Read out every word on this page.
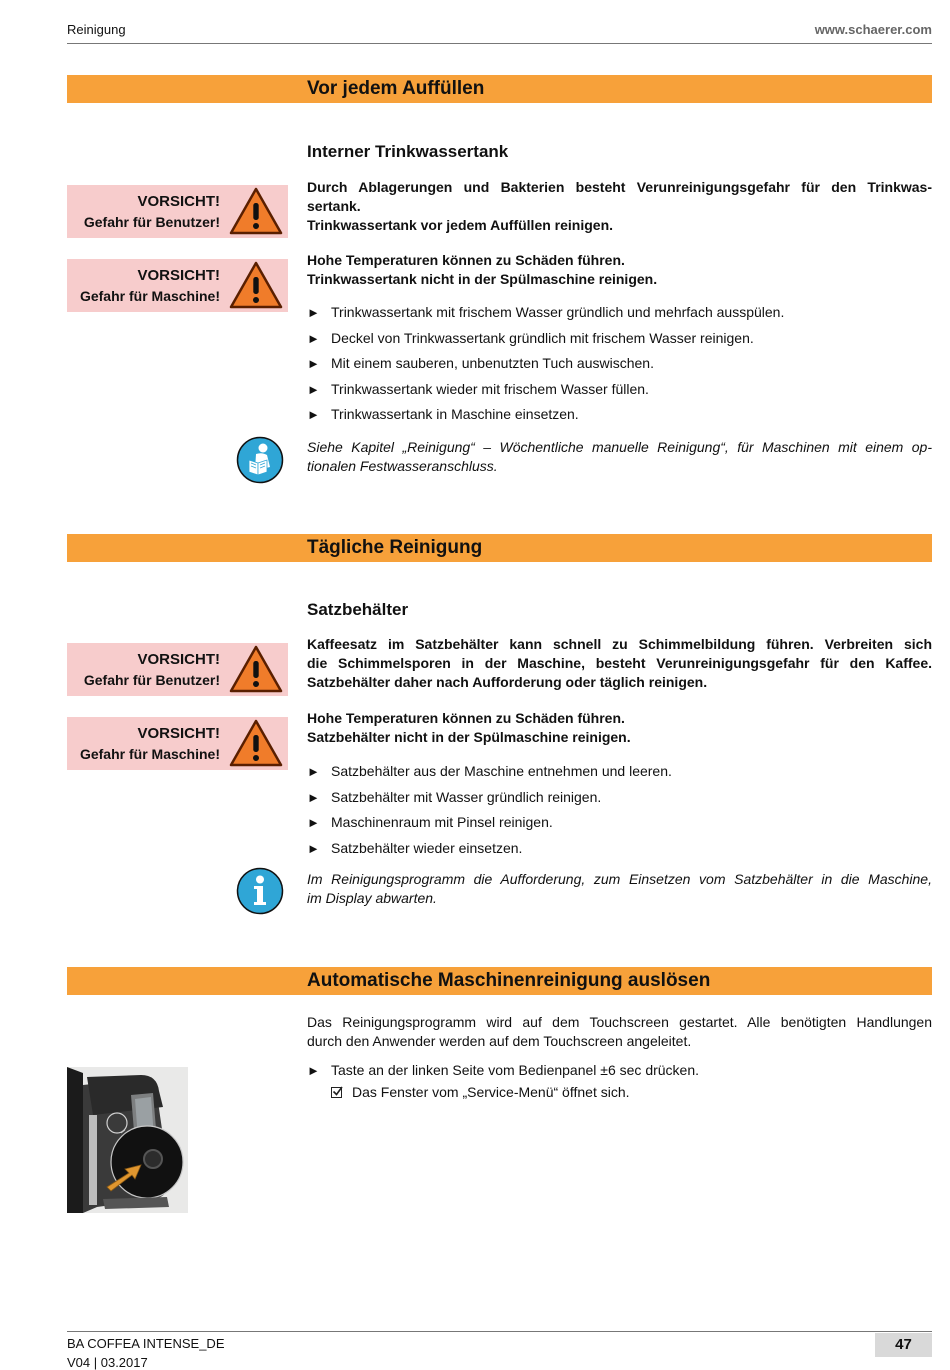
Reinigung	www.schaerer.com
Vor jedem Auffüllen
Interner Trinkwassertank
VORSICHT!
Gefahr für Benutzer!
VORSICHT!
Gefahr für Maschine!
Durch Ablagerungen und Bakterien besteht Verunreinigungsgefahr für den Trinkwas-
sertank.
Trinkwassertank vor jedem Auffüllen reinigen.
Hohe Temperaturen können zu Schäden führen.
Trinkwassertank nicht in der Spülmaschine reinigen.
► Trinkwassertank mit frischem Wasser gründlich und mehrfach ausspülen.
► Deckel von Trinkwassertank gründlich mit frischem Wasser reinigen.
► Mit einem sauberen, unbenutzten Tuch auswischen.
► Trinkwassertank wieder mit frischem Wasser füllen.
► Trinkwassertank in Maschine einsetzen.
Siehe Kapitel „Reinigung“ – Wöchentliche manuelle Reinigung“, für Maschinen mit einem op-
tionalen Festwasseranschluss.
Tägliche Reinigung
Satzbehälter
VORSICHT!
Gefahr für Benutzer!
VORSICHT!
Gefahr für Maschine!
Kaffeesatz im Satzbehälter kann schnell zu Schimmelbildung führen. Verbreiten sich
die Schimmelsporen in der Maschine, besteht Verunreinigungsgefahr für den Kaffee.
Satzbehälter daher nach Aufforderung oder täglich reinigen.
Hohe Temperaturen können zu Schäden führen.
Satzbehälter nicht in der Spülmaschine reinigen.
► Satzbehälter aus der Maschine entnehmen und leeren.
► Satzbehälter mit Wasser gründlich reinigen.
► Maschinenraum mit Pinsel reinigen.
► Satzbehälter wieder einsetzen.
Im Reinigungsprogramm die Aufforderung, zum Einsetzen vom Satzbehälter in die Maschine,
im Display abwarten.
Automatische Maschinenreinigung auslösen
Das Reinigungsprogramm wird auf dem Touchscreen gestartet. Alle benötigten Handlungen
durch den Anwender werden auf dem Touchscreen angeleitet.
► Taste an der linken Seite vom Bedienpanel ±6 sec drücken.
Das Fenster vom „Service-Menü“ öffnet sich.
BA COFFEA INTENSE_DE
V04 | 03.2017
47
